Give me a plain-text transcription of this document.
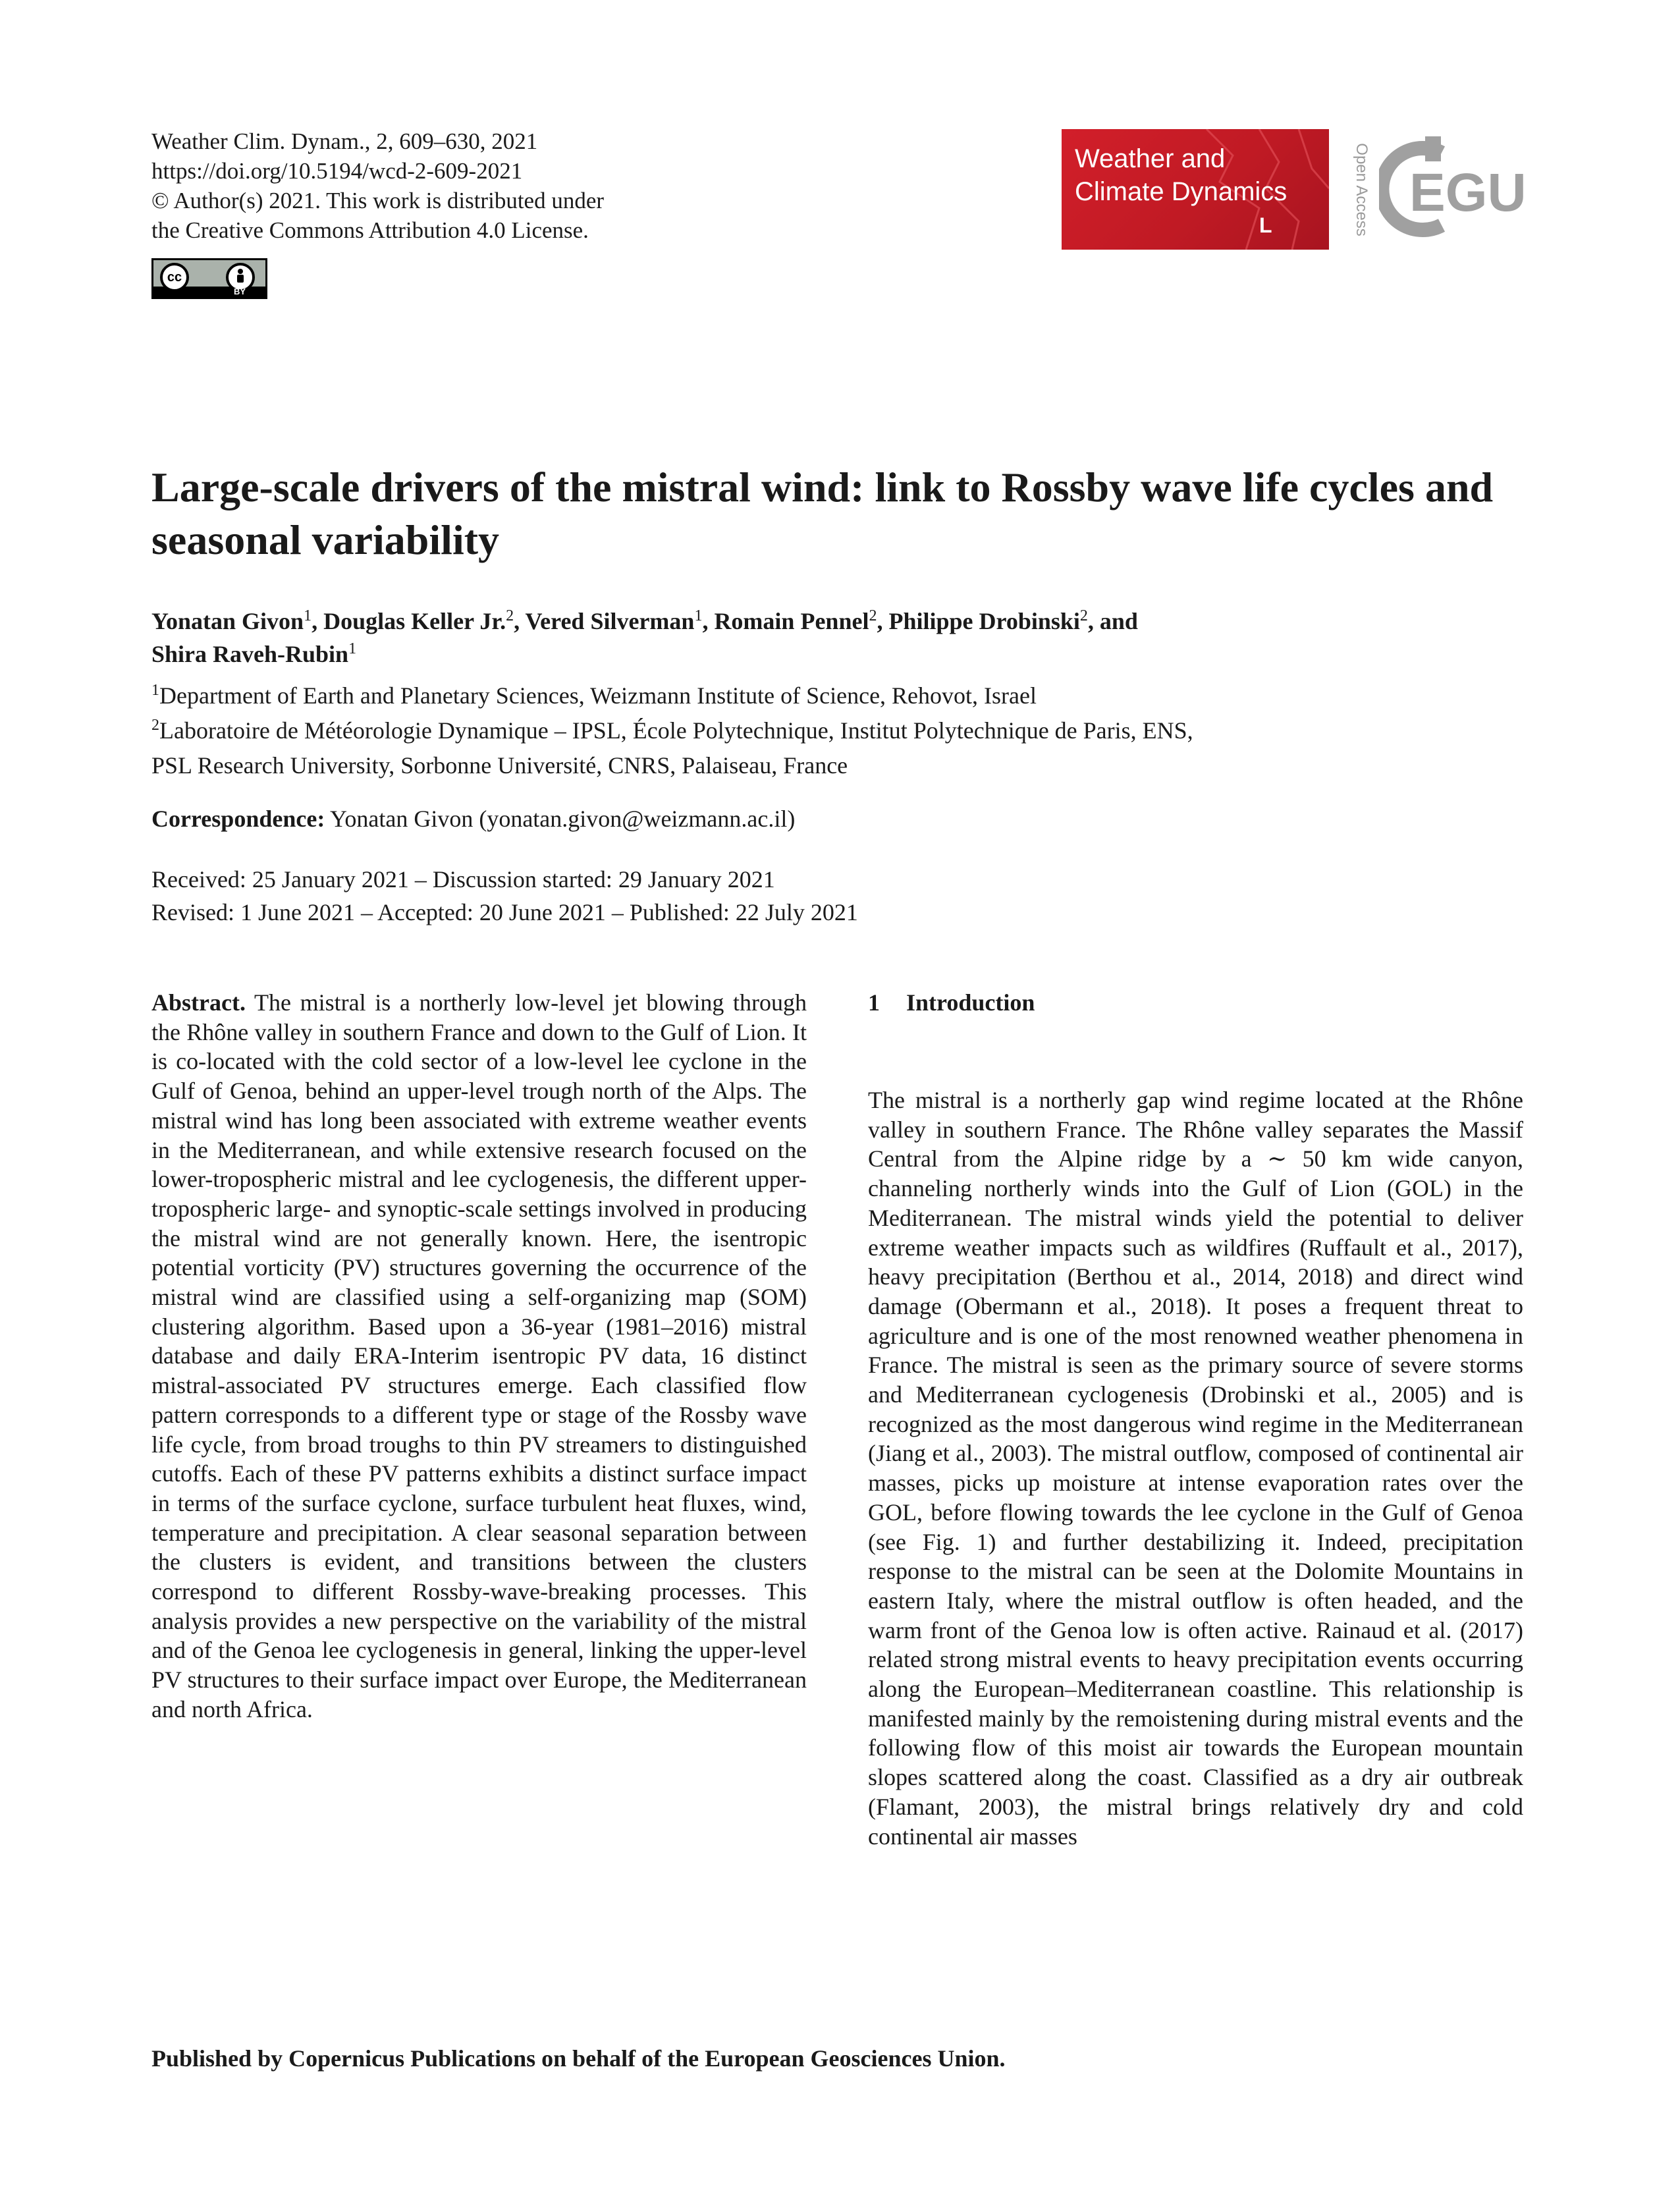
Weather Clim. Dynam., 2, 609–630, 2021
https://doi.org/10.5194/wcd-2-609-2021
© Author(s) 2021. This work is distributed under
the Creative Commons Attribution 4.0 License.
cc
BY
Weather and
Climate Dynamics
L	Open Access EGU
Large-scale drivers of the mistral wind: link to Rossby wave life cycles and seasonal variability
Yonatan Givon$^1$, Douglas Keller Jr.$^2$, Vered Silverman$^1$, Romain Pennel$^2$, Philippe Drobinski$^2$, and
Shira Raveh-Rubin$^1$
$^1$Department of Earth and Planetary Sciences, Weizmann Institute of Science, Rehovot, Israel
$^2$Laboratoire de Météorologie Dynamique – IPSL, École Polytechnique, Institut Polytechnique de Paris, ENS,
PSL Research University, Sorbonne Université, CNRS, Palaiseau, France
Correspondence: Yonatan Givon (yonatan.givon@weizmann.ac.il)
Received: 25 January 2021 – Discussion started: 29 January 2021
Revised: 1 June 2021 – Accepted: 20 June 2021 – Published: 22 July 2021

Abstract. The mistral is a northerly low-level jet blowing through the Rhône valley in southern France and down to the Gulf of Lion. It is co-located with the cold sector of a low-level lee cyclone in the Gulf of Genoa, behind an upper-level trough north of the Alps. The mistral wind has long been associated with extreme weather events in the Mediterranean, and while extensive research focused on the lower-tropospheric mistral and lee cyclogenesis, the different upper-tropospheric large- and synoptic-scale settings involved in producing the mistral wind are not generally known. Here, the isentropic potential vorticity (PV) structures governing the occurrence of the mistral wind are classified using a self-organizing map (SOM) clustering algorithm. Based upon a 36-year (1981–2016) mistral database and daily ERA-Interim isentropic PV data, 16 distinct mistral-associated PV structures emerge. Each classified flow pattern corresponds to a different type or stage of the Rossby wave life cycle, from broad troughs to thin PV streamers to distinguished cutoffs. Each of these PV patterns exhibits a distinct surface impact in terms of the surface cyclone, surface turbulent heat fluxes, wind, temperature and precipitation. A clear seasonal separation between the clusters is evident, and transitions between the clusters correspond to different Rossby-wave-breaking processes. This analysis provides a new perspective on the variability of the mistral and of the Genoa lee cyclogenesis in general, linking the upper-level PV structures to their surface impact over Europe, the Mediterranean and north Africa.

1 Introduction

The mistral is a northerly gap wind regime located at the Rhône valley in southern France. The Rhône valley separates the Massif Central from the Alpine ridge by a ∼ 50 km wide canyon, channeling northerly winds into the Gulf of Lion (GOL) in the Mediterranean. The mistral winds yield the potential to deliver extreme weather impacts such as wildfires (Ruffault et al., 2017), heavy precipitation (Berthou et al., 2014, 2018) and direct wind damage (Obermann et al., 2018). It poses a frequent threat to agriculture and is one of the most renowned weather phenomena in France. The mistral is seen as the primary source of severe storms and Mediterranean cyclogenesis (Drobinski et al., 2005) and is recognized as the most dangerous wind regime in the Mediterranean (Jiang et al., 2003). The mistral outflow, composed of continental air masses, picks up moisture at intense evaporation rates over the GOL, before flowing towards the lee cyclone in the Gulf of Genoa (see Fig. 1) and further destabilizing it. Indeed, precipitation response to the mistral can be seen at the Dolomite Mountains in eastern Italy, where the mistral outflow is often headed, and the warm front of the Genoa low is often active. Rainaud et al. (2017) related strong mistral events to heavy precipitation events occurring along the European–Mediterranean coastline. This relationship is manifested mainly by the remoistening during mistral events and the following flow of this moist air towards the European mountain slopes scattered along the coast. Classified as a dry air outbreak (Flamant, 2003), the mistral brings relatively dry and cold continental air masses

Published by Copernicus Publications on behalf of the European Geosciences Union.
